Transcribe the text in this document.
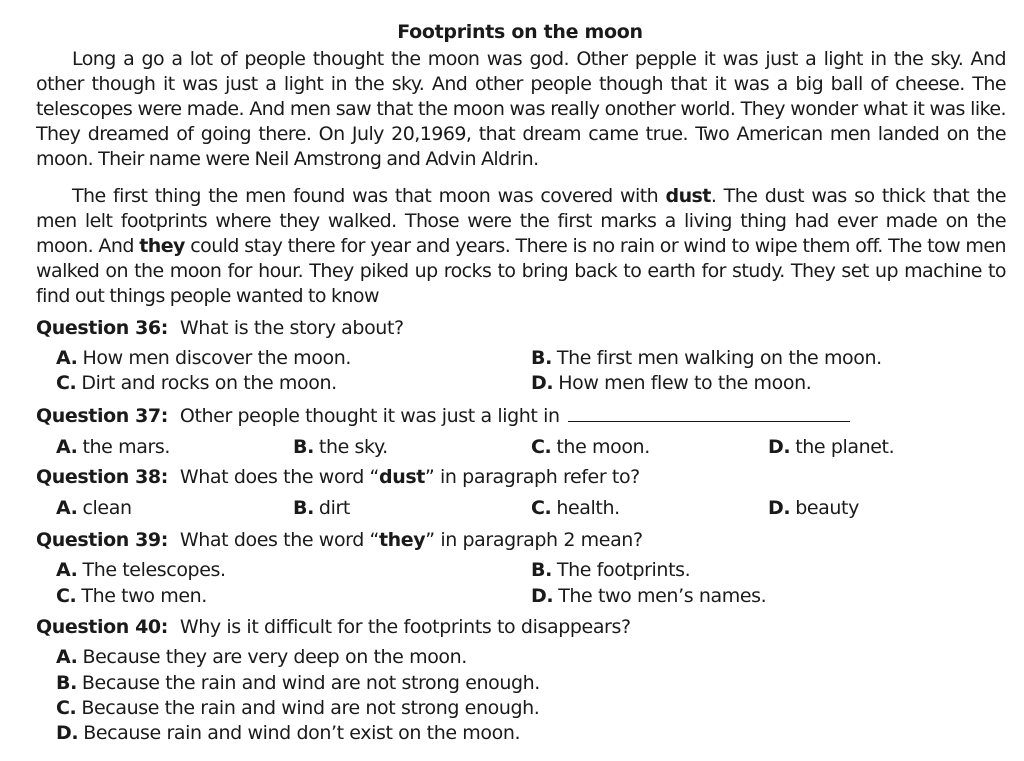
Footprints on the moon
Long a go a lot of people thought the moon was god. Other pepple it was just a light in the sky. And other though it was just a light in the sky. And other people though that it was a big ball of cheese. The telescopes were made. And men saw that the moon was really onother world. They wonder what it was like. They dreamed of going there. On July 20,1969, that dream came true. Two American men landed on the moon. Their name were Neil Amstrong and Advin Aldrin.
The first thing the men found was that moon was covered with dust. The dust was so thick that the men lelt footprints where they walked. Those were the first marks a living thing had ever made on the moon. And they could stay there for year and years. There is no rain or wind to wipe them off. The tow men walked on the moon for hour. They piked up rocks to bring back to earth for study. They set up machine to find out things people wanted to know
Question 36: What is the story about?
A. How men discover the moon.	B. The first men walking on the moon.
C. Dirt and rocks on the moon.	D. How men flew to the moon.
Question 37: Other people thought it was just a light in
A. the mars.	B. the sky.	C. the moon.	D. the planet.
Question 38: What does the word “dust” in paragraph refer to?
A. clean	B. dirt	C. health.	D. beauty
Question 39: What does the word “they” in paragraph 2 mean?
A. The telescopes.	B. The footprints.
C. The two men.	D. The two men’s names.
Question 40: Why is it difficult for the footprints to disappears?
A. Because they are very deep on the moon.
B. Because the rain and wind are not strong enough.
C. Because the rain and wind are not strong enough.
D. Because rain and wind don’t exist on the moon.
